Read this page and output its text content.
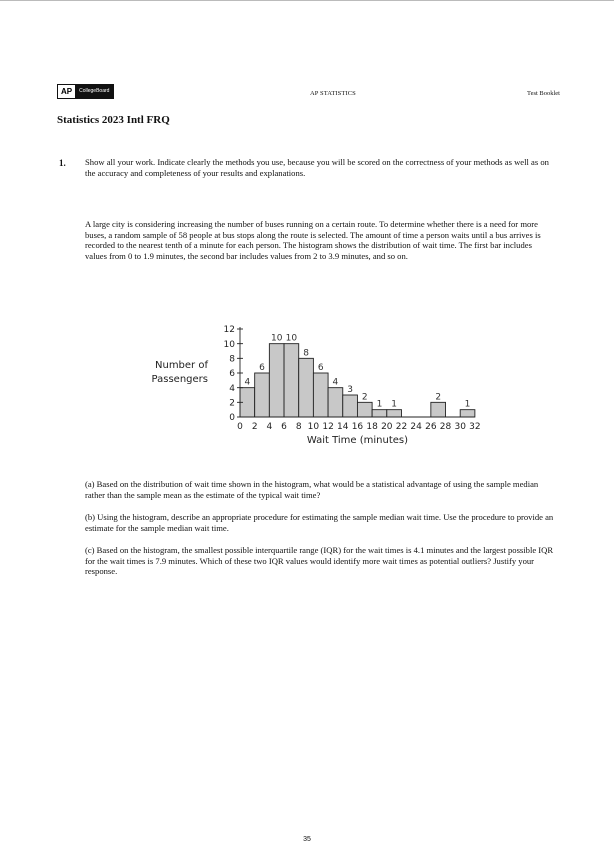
AP	CollegeBoard	AP STATISTICS	Test Booklet
Statistics 2023 Intl FRQ
1. Show all your work. Indicate clearly the methods you use, because you will be scored on the correctness of your methods as well as on the accuracy and completeness of your results and explanations.

A large city is considering increasing the number of buses running on a certain route. To determine whether there is a need for more buses, a random sample of 58 people at bus stops along the route is selected. The amount of time a person waits until a bus arrives is recorded to the nearest tenth of a minute for each person. The histogram shows the distribution of wait time. The first bar includes values from 0 to 1.9 minutes, the second bar includes values from 2 to 3.9 minutes, and so on.

4
6
10 10
8
6
4
3
2
1 1
2
1
0
2
4
6
8
10
12
0 2 4 6 8 10 12 14 16 18 20 22 24 26 28 30 32
Wait Time (minutes)
Number of
Passengers

(a) Based on the distribution of wait time shown in the histogram, what would be a statistical advantage of using the sample median rather than the sample mean as the estimate of the typical wait time?

(b) Using the histogram, describe an appropriate procedure for estimating the sample median wait time. Use the procedure to provide an estimate for the sample median wait time.

(c) Based on the histogram, the smallest possible interquartile range (IQR) for the wait times is 4.1 minutes and the largest possible IQR for the wait times is 7.9 minutes. Which of these two IQR values would identify more wait times as potential outliers? Justify your response.

35
